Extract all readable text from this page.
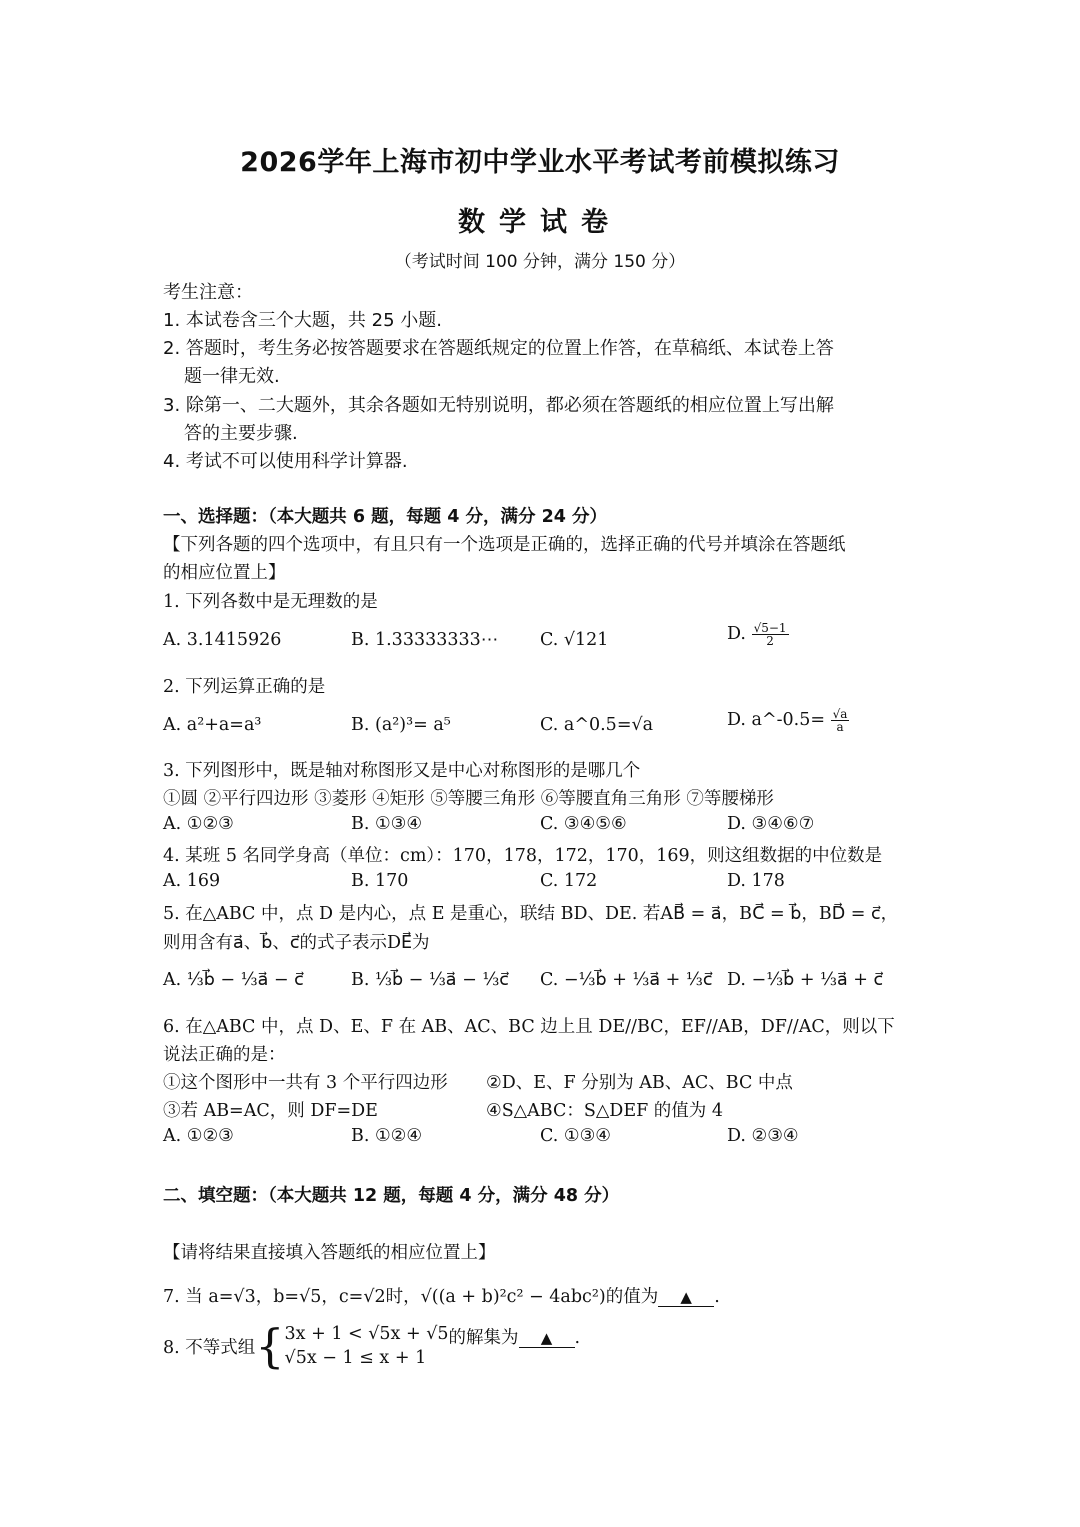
2026学年上海市初中学业水平考试考前模拟练习
数学试卷
（考试时间 100 分钟，满分 150 分）
考生注意：
1. 本试卷含三个大题，共 25 小题.
2. 答题时，考生务必按答题要求在答题纸规定的位置上作答，在草稿纸、本试卷上答
题一律无效.
3. 除第一、二大题外，其余各题如无特别说明，都必须在答题纸的相应位置上写出解
答的主要步骤.
4. 考试不可以使用科学计算器.
一、选择题：（本大题共 6 题，每题 4 分，满分 24 分）
【下列各题的四个选项中，有且只有一个选项是正确的，选择正确的代号并填涂在答题纸
的相应位置上】
1. 下列各数中是无理数的是
A. 3.1415926	B. 1.33333333⋯ C. √121	D. $\frac{√5-1}{2}$
2. 下列运算正确的是
A. a²+a=a³	B. (a²)³= a⁵	C. a^0.5=√a	D. a^-0.5= $\frac{√a}{a}$
3. 下列图形中，既是轴对称图形又是中心对称图形的是哪几个
①圆 ②平行四边形 ③菱形 ④矩形 ⑤等腰三角形 ⑥等腰直角三角形 ⑦等腰梯形
A. ①②③	B. ①③④	C. ③④⑤⑥	D. ③④⑥⑦
4. 某班 5 名同学身高（单位：cm）：170，178，172，170，169，则这组数据的中位数是
A. 169	B. 170	C. 172	D. 178
5. 在△ABC 中，点 D 是内心，点 E 是重心，联结 BD、DE. 若AB⃗ = a⃗，BC⃗ = b⃗，BD⃗ = c⃗，
则用含有a⃗、b⃗、c⃗的式子表示DE⃗为
A. ⅓b⃗ − ⅓a⃗ − c⃗	B. ⅓b⃗ − ⅓a⃗ − ⅓c⃗ C. −⅓b⃗ + ⅓a⃗ + ⅓c⃗ D. −⅓b⃗ + ⅓a⃗ + c⃗
6. 在△ABC 中，点 D、E、F 在 AB、AC、BC 边上且 DE//BC，EF//AB，DF//AC，则以下
说法正确的是：
①这个图形中一共有 3 个平行四边形 ②D、E、F 分别为 AB、AC、BC 中点
③若 AB=AC，则 DF=DE	④S△ABC：S△DEF 的值为 4
A. ①②③	B. ①②④	C. ①③④	D. ②③④
二、填空题：（本大题共 12 题，每题 4 分，满分 48 分）
【请将结果直接填入答题纸的相应位置上】
7. 当 a=√3，b=√5，c=√2时，√((a + b)²c² − 4abc²)的值为 ▲ .
8. 不等式组 { 3x + 1 < √5x + √5
√5x − 1 ≤ x + 1
的解集为 ▲ .
